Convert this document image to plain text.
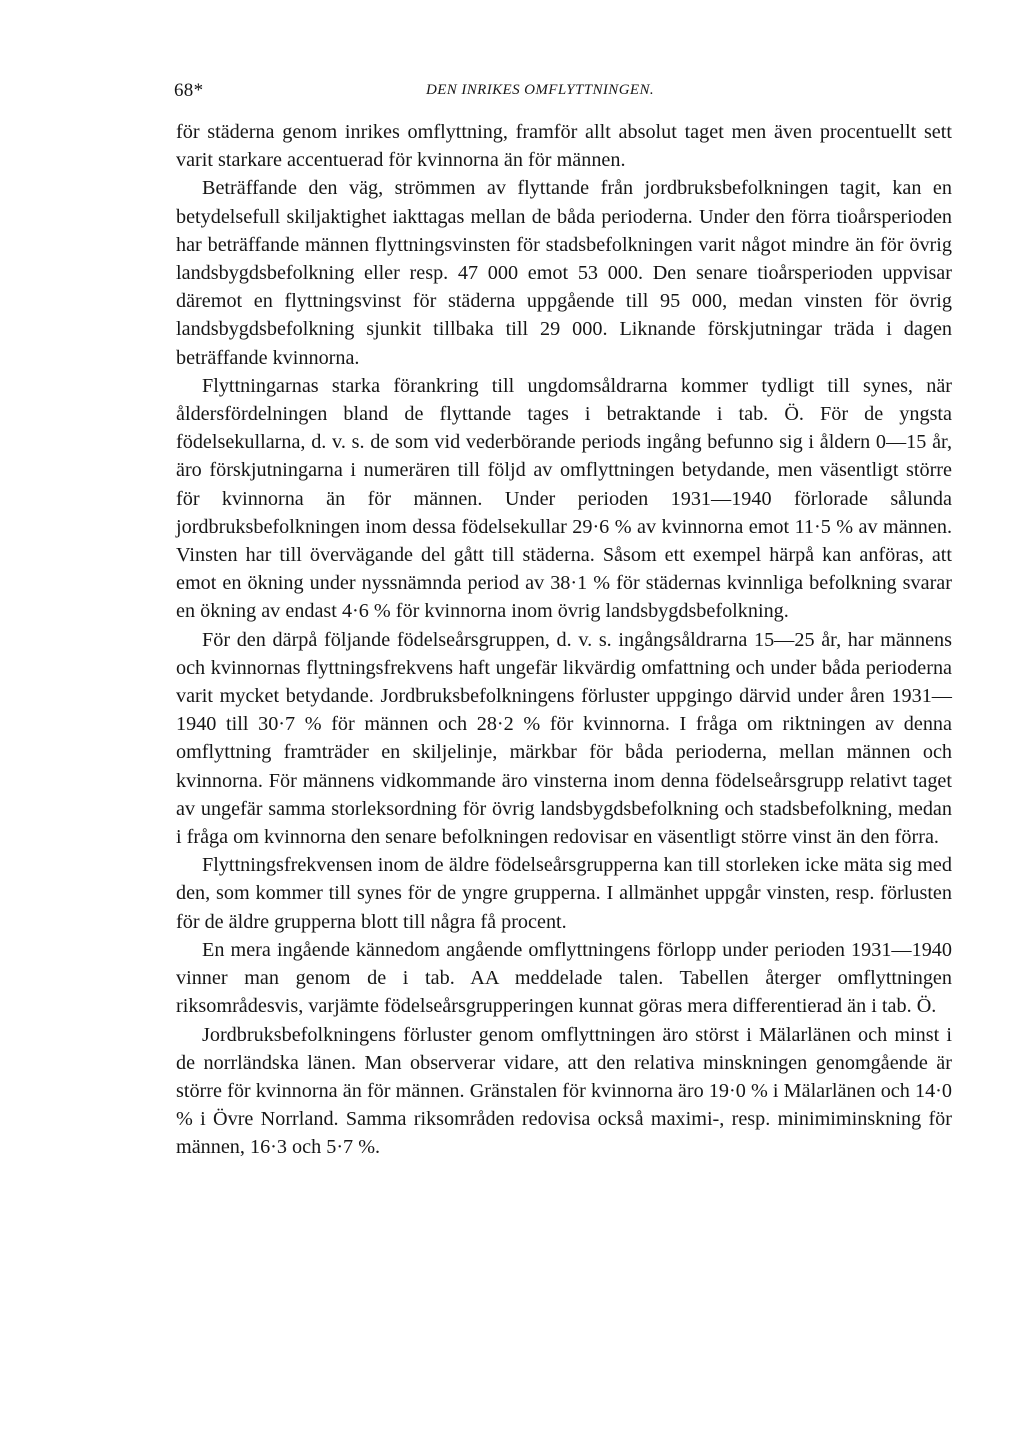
68*	DEN INRIKES OMFLYTTNINGEN.

för städerna genom inrikes omflyttning, framför allt absolut taget men även procentuellt sett varit starkare accentuerad för kvinnorna än för männen.

Beträffande den väg, strömmen av flyttande från jordbruksbefolkningen tagit, kan en betydelsefull skiljaktighet iakttagas mellan de båda perioderna. Under den förra tioårsperioden har beträffande männen flyttningsvinsten för stadsbefolkningen varit något mindre än för övrig landsbygdsbefolkning eller resp. 47 000 emot 53 000. Den senare tioårsperioden uppvisar däremot en flyttningsvinst för städerna uppgående till 95 000, medan vinsten för övrig landsbygdsbefolkning sjunkit tillbaka till 29 000. Liknande förskjutningar träda i dagen beträffande kvinnorna.

Flyttningarnas starka förankring till ungdomsåldrarna kommer tydligt till synes, när åldersfördelningen bland de flyttande tages i betraktande i tab. Ö. För de yngsta födelsekullarna, d. v. s. de som vid vederbörande periods ingång befunno sig i åldern 0—15 år, äro förskjutningarna i numerären till följd av omflyttningen betydande, men väsentligt större för kvinnorna än för männen. Under perioden 1931—1940 förlorade sålunda jordbruksbefolkningen inom dessa födelsekullar 29·6 % av kvinnorna emot 11·5 % av männen. Vinsten har till övervägande del gått till städerna. Såsom ett exempel härpå kan anföras, att emot en ökning under nyssnämnda period av 38·1 % för städernas kvinnliga befolkning svarar en ökning av endast 4·6 % för kvinnorna inom övrig landsbygdsbefolkning.

För den därpå följande födelseårsgruppen, d. v. s. ingångsåldrarna 15—25 år, har männens och kvinnornas flyttningsfrekvens haft ungefär likvärdig omfattning och under båda perioderna varit mycket betydande. Jordbruksbefolkningens förluster uppgingo därvid under åren 1931—1940 till 30·7 % för männen och 28·2 % för kvinnorna. I fråga om riktningen av denna omflyttning framträder en skiljelinje, märkbar för båda perioderna, mellan männen och kvinnorna. För männens vidkommande äro vinsterna inom denna födelseårsgrupp relativt taget av ungefär samma storleksordning för övrig landsbygdsbefolkning och stadsbefolkning, medan i fråga om kvinnorna den senare befolkningen redovisar en väsentligt större vinst än den förra.

Flyttningsfrekvensen inom de äldre födelseårsgrupperna kan till storleken icke mäta sig med den, som kommer till synes för de yngre grupperna. I allmänhet uppgår vinsten, resp. förlusten för de äldre grupperna blott till några få procent.

En mera ingående kännedom angående omflyttningens förlopp under perioden 1931—1940 vinner man genom de i tab. AA meddelade talen. Tabellen återger omflyttningen riksområdesvis, varjämte födelseårsgrupperingen kunnat göras mera differentierad än i tab. Ö.

Jordbruksbefolkningens förluster genom omflyttningen äro störst i Mälarlänen och minst i de norrländska länen. Man observerar vidare, att den relativa minskningen genomgående är större för kvinnorna än för männen. Gränstalen för kvinnorna äro 19·0 % i Mälarlänen och 14·0 % i Övre Norrland. Samma riksområden redovisa också maximi-, resp. minimiminskning för männen, 16·3 och 5·7 %.
